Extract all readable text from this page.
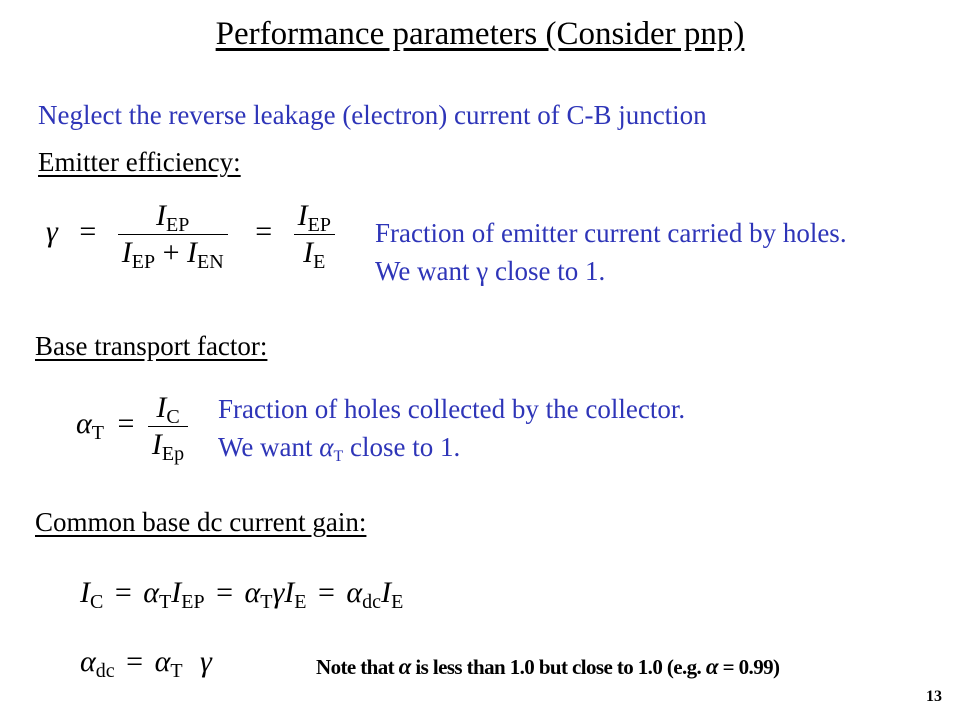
Performance parameters (Consider pnp)
Neglect the reverse leakage (electron) current of C-B junction
Emitter efficiency:
$\gamma = \frac{I_{EP}}{I_{EP} + I_{EN}} = \frac{I_{EP}}{I_E}$ Fraction of emitter current carried by holes.
We want γ close to 1.
Base transport factor:
$\alpha_T = \frac{I_C}{I_{Ep}}$ Fraction of holes collected by the collector.
We want αT close to 1.
Common base dc current gain:
$I_C = \alpha_TI_{EP} = \alpha_T\gamma I_E = \alpha_{dc}I_E$
$\alpha_{dc} = \alpha_T$ γ	Note that α is less than 1.0 but close to 1.0 (e.g. α = 0.99)
13
